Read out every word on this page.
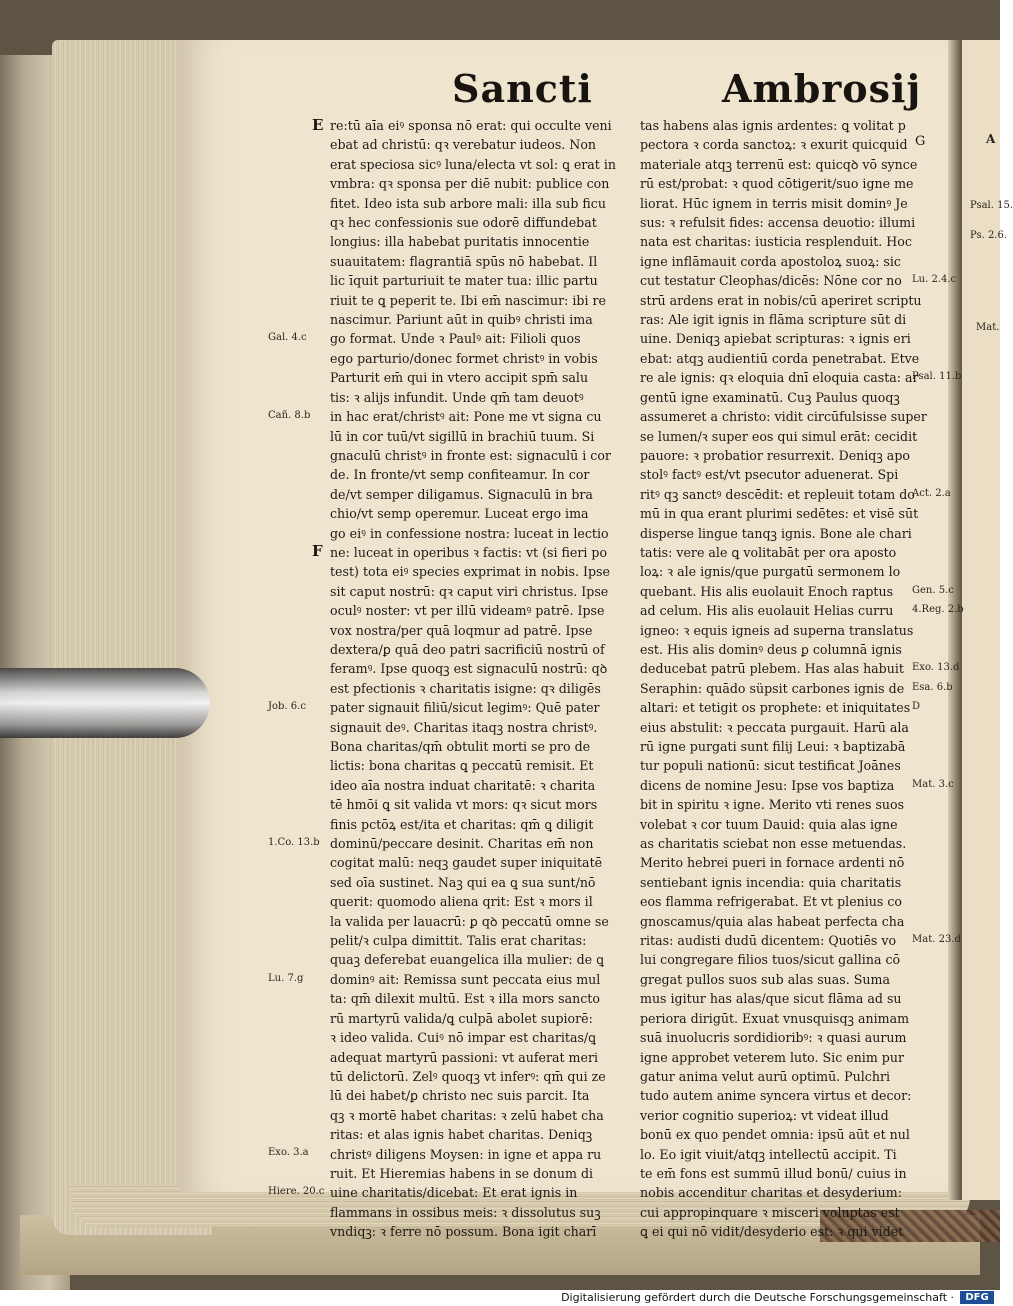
A
Psal. 15.
Ps. 2.6.
Mat.
Sancti	Ambrosij
E
F
G
re:tū aīa eiꝰ sponsa nō erat: qui occulte veni
ebat ad christū: qꝛ verebatur iudeos. Non
erat speciosa sicꝰ luna/electa vt sol: ꝗ erat in
vmbra: qꝛ sponsa per diē nubit: publice con
fitet. Ideo ista sub arbore mali: illa sub ficu
qꝛ hec confessionis sue odorē diffundebat
longius: illa habebat puritatis innocentie
suauitatem: flagrantiā spūs nō habebat. Il
lic īquit parturiuit te mater tua: illic partu
riuit te ꝗ peperit te. Ibi em̄ nascimur: ibi re
nascimur. Pariunt aūt in quibꝰ christi ima
go format. Unde ꝛ Paulꝰ ait: Filioli quos
ego parturio/donec formet christꝰ in vobis
Parturit em̄ qui in vtero accipit spm̄ salu
tis: ꝛ alijs infundit. Unde qm̄ tam deuotꝰ
in hac erat/christꝰ ait: Pone me vt signa cu
lū in cor tuū/vt sigillū in brachiū tuum. Si
gnaculū christꝰ in fronte est: signaculū i cor
de. In fronte/vt semp confiteamur. In cor
de/vt semper diligamus. Signaculū in bra
chio/vt semp operemur. Luceat ergo ima
go eiꝰ in confessione nostra: luceat in lectio
ne: luceat in operibus ꝛ factis: vt (si fieri po
test) tota eiꝰ species exprimat in nobis. Ipse
sit caput nostrū: qꝛ caput viri christus. Ipse
oculꝰ noster: vt per illū videamꝰ patrē. Ipse
vox nostra/per quā loqmur ad patrē. Ipse
dextera/ꝑ quā deo patri sacrificiū nostrū of
feramꝰ. Ipse quoqꝫ est signaculū nostrū: qꝺ
est pfectionis ꝛ charitatis isigne: qꝛ diligēs
pater signauit filiū/sicut legimꝰ: Quē pater
signauit deꝰ. Charitas itaqꝫ nostra christꝰ.
Bona charitas/qm̄ obtulit morti se pro de
lictis: bona charitas ꝗ peccatū remisit. Et
ideo aīa nostra induat charitatē: ꝛ charita
tē hmōi ꝗ sit valida vt mors: qꝛ sicut mors
finis pctōꝝ est/ita et charitas: qm̄ ꝗ diligit
dominū/peccare desinit. Charitas em̄ non
cogitat malū: neqꝫ gaudet super iniquitatē
sed oīa sustinet. Naꝫ qui ea ꝗ sua sunt/nō
querit: quomodo aliena qrit: Est ꝛ mors il
la valida per lauacrū: ꝑ qꝺ peccatū omne se
pelit/ꝛ culpa dimittit. Talis erat charitas:
quaꝫ deferebat euangelica illa mulier: de ꝗ
dominꝰ ait: Remissa sunt peccata eius mul
ta: qm̄ dilexit multū. Est ꝛ illa mors sancto
rū martyrū valida/ꝗ culpā abolet supiorē:
ꝛ ideo valida. Cuiꝰ nō impar est charitas/ꝗ
adequat martyrū passioni: vt auferat meri
tū delictorū. Zelꝰ quoqꝫ vt inferꝰ: qm̄ qui ze
lū dei habet/ꝑ christo nec suis parcit. Ita
qꝫ ꝛ mortē habet charitas: ꝛ zelū habet cha
ritas: et alas ignis habet charitas. Deniqꝫ
christꝰ diligens Moysen: in igne et appa ru
ruit. Et Hieremias habens in se donum di
uine charitatis/dicebat: Et erat ignis in
flammans in ossibus meis: ꝛ dissolutus suꝫ
vndiqꝫ: ꝛ ferre nō possum. Bona igit charī
tas habens alas ignis ardentes: ꝗ volitat p
pectora ꝛ corda sanctoꝝ: ꝛ exurit quicquid
materiale atqꝫ terrenū est: quicqꝺ vō synce
rū est/probat: ꝛ quod cōtigerit/suo igne me
liorat. Hūc ignem in terris misit dominꝰ Je
sus: ꝛ refulsit fides: accensa deuotio: illumi
nata est charitas: iusticia resplenduit. Hoc
igne inflāmauit corda apostoloꝝ suoꝝ: sic
cut testatur Cleophas/dicēs: Nōne cor no
strū ardens erat in nobis/cū aperiret scriptu
ras: Ale igit ignis in flāma scripture sūt di
uine. Deniqꝫ apiebat scripturas: ꝛ ignis eri
ebat: atqꝫ audientiū corda penetrabat. Etve
re ale ignis: qꝛ eloquia dnī eloquia casta: ar
gentū igne examinatū. Cuꝫ Paulus quoqꝫ
assumeret a christo: vidit circūfulsisse super
se lumen/ꝛ super eos qui simul erāt: cecidit
pauore: ꝛ probatior resurrexit. Deniqꝫ apo
stolꝰ factꝰ est/vt psecutor aduenerat. Spi
ritꝰ qꝫ sanctꝰ descēdit: et repleuit totam do
mū in qua erant plurimi sedētes: et visē sūt
disperse lingue tanqꝫ ignis. Bone ale chari
tatis: vere ale ꝗ volitabāt per ora aposto
loꝝ: ꝛ ale ignis/que purgatū sermonem lo
quebant. His alis euolauit Enoch raptus
ad celum. His alis euolauit Helias curru
igneo: ꝛ equis igneis ad superna translatus
est. His alis dominꝰ deus ꝑ columnā ignis
deducebat patrū plebem. Has alas habuit
Seraphin: quādo süpsit carbones ignis de
altari: et tetigit os prophete: et iniquitates
eius abstulit: ꝛ peccata purgauit. Harū ala
rū igne purgati sunt filij Leui: ꝛ baptizabā
tur populi nationū: sicut testificat Joānes
dicens de nomine Jesu: Ipse vos baptiza
bit in spiritu ꝛ igne. Merito vti renes suos
volebat ꝛ cor tuum Dauid: quia alas igne
as charitatis sciebat non esse metuendas.
Merito hebrei pueri in fornace ardenti nō
sentiebant ignis incendia: quia charitatis
eos flamma refrigerabat. Et vt plenius co
gnoscamus/quia alas habeat perfecta cha
ritas: audisti dudū dicentem: Quotiēs vo
lui congregare filios tuos/sicut gallina cō
gregat pullos suos sub alas suas. Suma
mus igitur has alas/que sicut flāma ad su
periora dirigūt. Exuat vnusquisqꝫ animam
suā inuolucris sordidioribꝰ: ꝛ quasi aurum
igne approbet veterem luto. Sic enim pur
gatur anima velut aurū optimū. Pulchri
tudo autem anime syncera virtus et decor:
verior cognitio superioꝝ: vt videat illud
bonū ex quo pendet omnia: ipsū aūt et nul
lo. Eo igit viuit/atqꝫ intellectū accipit. Ti
te em̄ fons est summū illud bonū/ cuius in
nobis accenditur charitas et desyderium:
cui appropinquare ꝛ misceri voluptas est
ꝗ ei qui nō vidit/desyderio est: ꝛ qui videt
Gal. 4.c
Cañ. 8.b
Job. 6.c
1.Co. 13.b
Lu. 7.g
Exo. 3.a
Hiere. 20.c
Lu. 2.4.c
Psal. 11.b
Act. 2.a
Gen. 5.c
4.Reg. 2.b
Exo. 13.d
Esa. 6.b
D
Mat. 3.c
Mat. 23.d
Digitalisierung gefördert durch die Deutsche Forschungsgemeinschaft ·	DFG
